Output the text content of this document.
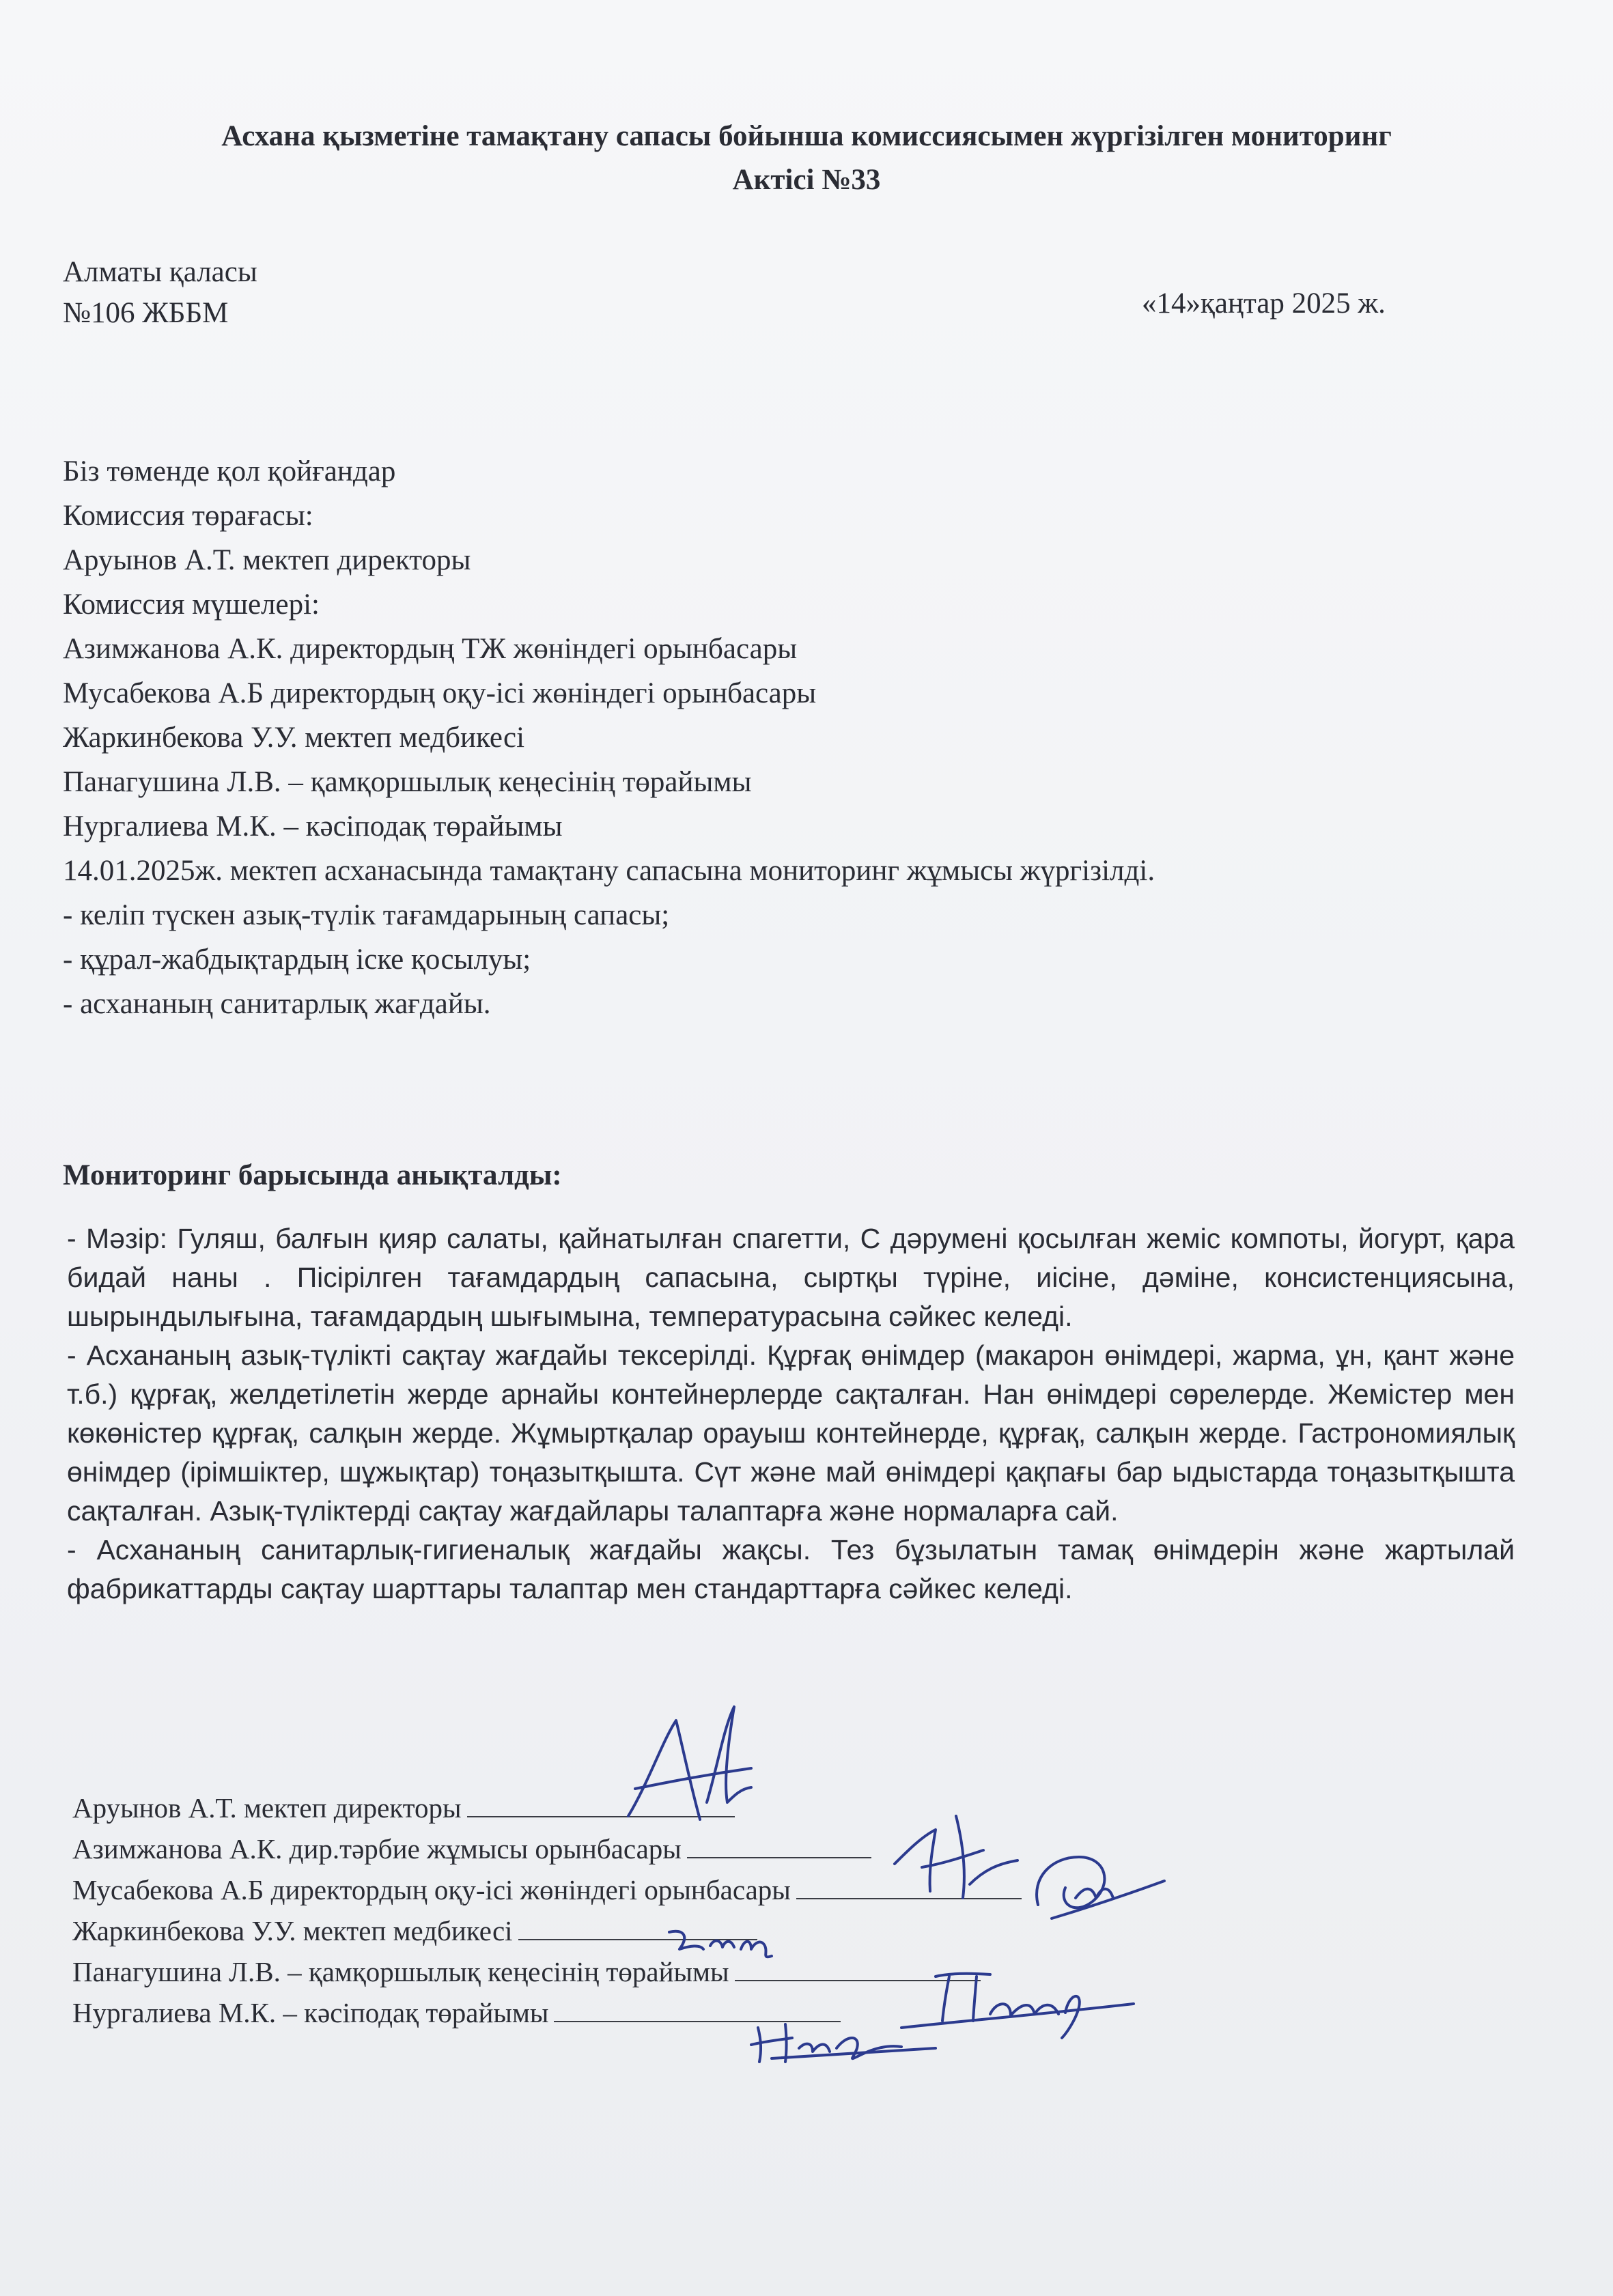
Асхана қызметіне тамақтану сапасы бойынша комиссиясымен жүргізілген мониторинг
Актісі №33
Алматы қаласы
№106 ЖББМ	«14»қаңтар 2025 ж.
Біз төменде қол қойғандар
Комиссия төрағасы:
Аруынов А.Т. мектеп директоры
Комиссия мүшелері:
Азимжанова А.К. директордың ТЖ жөніндегі орынбасары
Мусабекова А.Б директордың оқу-ісі жөніндегі орынбасары
Жаркинбекова У.У. мектеп медбикесі
Панагушина Л.В. – қамқоршылық кеңесінің төрайымы
Нургалиева М.К. – кәсіподақ төрайымы
14.01.2025ж. мектеп асханасында тамақтану сапасына мониторинг жұмысы жүргізілді.
- келіп түскен азық-түлік тағамдарының сапасы;
- құрал-жабдықтардың іске қосылуы;
- асхананың санитарлық жағдайы.
Мониторинг барысында анықталды:

- Мәзір: Гуляш, балғын қияр салаты, қайнатылған спагетти, С дәрумені қосылған жеміс компоты, йогурт, қара бидай наны . Пісірілген тағамдардың сапасына, сыртқы түріне, иісіне, дәміне, консистенциясына, шырындылығына, тағамдардың шығымына, температурасына сәйкес келеді.

- Асхананың азық-түлікті сақтау жағдайы тексерілді. Құрғақ өнімдер (макарон өнімдері, жарма, ұн, қант және т.б.) құрғақ, желдетілетін жерде арнайы контейнерлерде сақталған. Нан өнімдері сөрелерде. Жемістер мен көкөністер құрғақ, салқын жерде. Жұмыртқалар орауыш контейнерде, құрғақ, салқын жерде. Гастрономиялық өнімдер (ірімшіктер, шұжықтар) тоңазытқышта. Сүт және май өнімдері қақпағы бар ыдыстарда тоңазытқышта сақталған. Азық-түліктерді сақтау жағдайлары талаптарға және нормаларға сай.

- Асхананың санитарлық-гигиеналық жағдайы жақсы. Тез бұзылатын тамақ өнімдерін және жартылай фабрикаттарды сақтау шарттары талаптар мен стандарттарға сәйкес келеді.

Аруынов А.Т. мектеп директоры
Азимжанова А.К. дир.тәрбие жұмысы орынбасары
Мусабекова А.Б директордың оқу-ісі жөніндегі орынбасары
Жаркинбекова У.У. мектеп медбикесі
Панагушина Л.В. – қамқоршылық кеңесінің төрайымы
Нургалиева М.К. – кәсіподақ төрайымы
